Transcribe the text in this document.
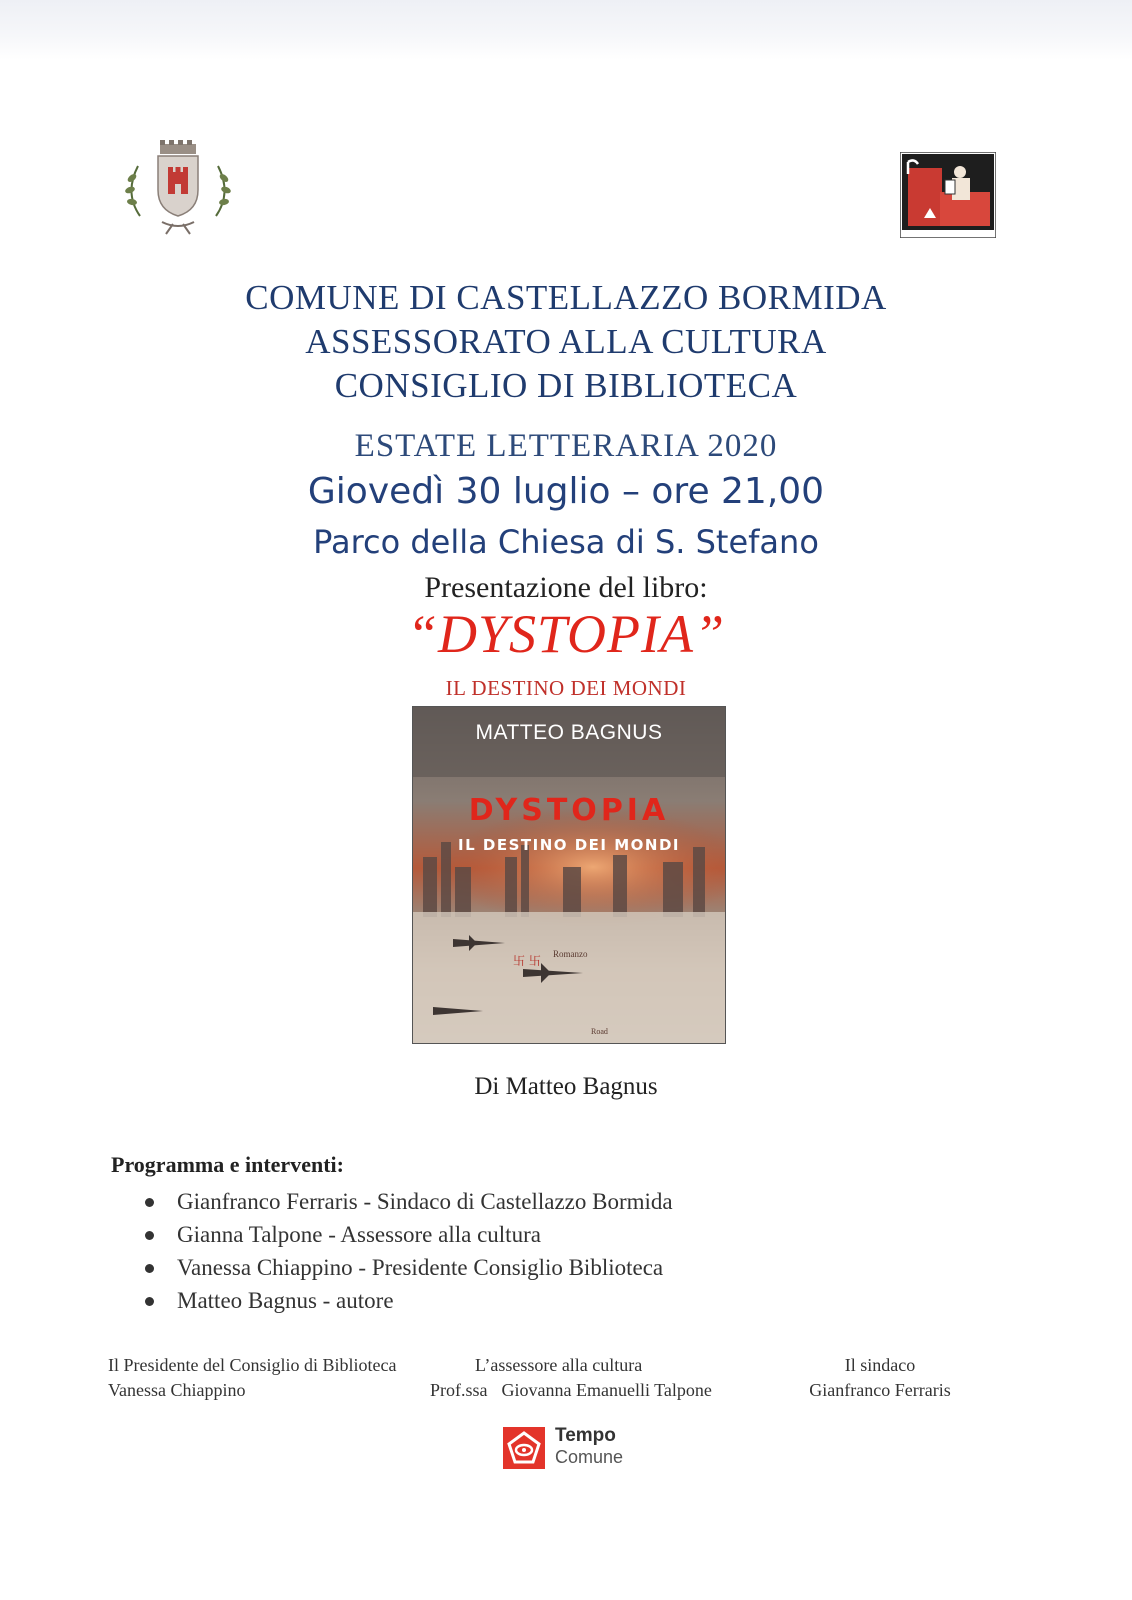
COMUNE DI CASTELLAZZO BORMIDA

ASSESSORATO ALLA CULTURA

CONSIGLIO DI BIBLIOTECA

ESTATE LETTERARIA 2020
Giovedì 30 luglio – ore 21,00
Parco della Chiesa di S. Stefano
Presentazione del libro:
“DYSTOPIA”
IL DESTINO DEI MONDI
卐 卐
MATTEO BAGNUS
DYSTOPIA
IL DESTINO DEI MONDI
Romanzo
Road
Di Matteo Bagnus
Programma e interventi:
Gianfranco Ferraris - Sindaco di Castellazzo Bormida
Gianna Talpone - Assessore alla cultura
Vanessa Chiappino - Presidente Consiglio Biblioteca
Matteo Bagnus - autore
Il Presidente del Consiglio di Biblioteca
Vanessa Chiappino
L’assessore alla cultura
Prof.ssa Giovanna Emanuelli Talpone
Il sindaco
Gianfranco Ferraris
Tempo
Comune
